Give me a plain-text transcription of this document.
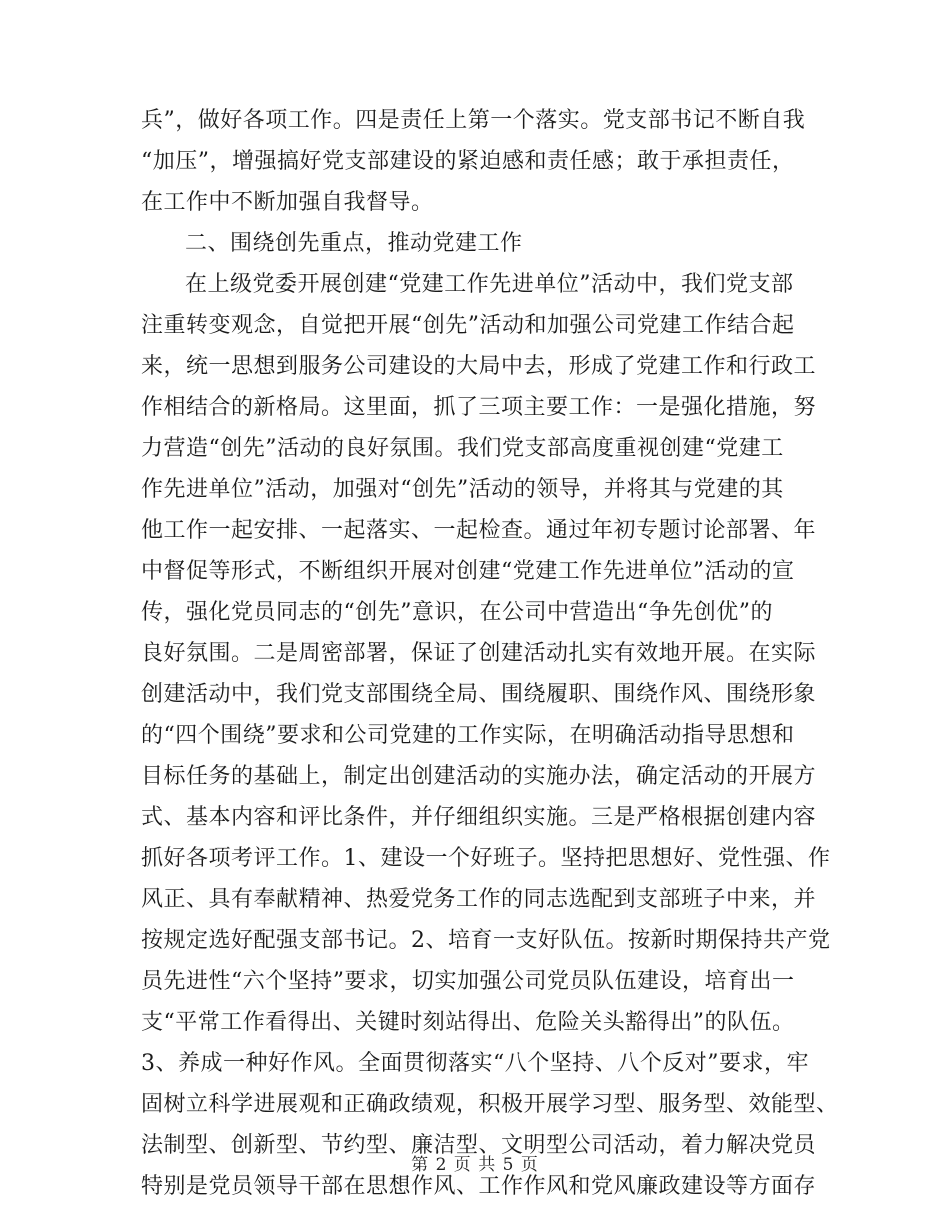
兵”，做好各项工作。四是责任上第一个落实。党支部书记不断自我
“加压”，增强搞好党支部建设的紧迫感和责任感；敢于承担责任，
在工作中不断加强自我督导。
二、围绕创先重点，推动党建工作
在上级党委开展创建“党建工作先进单位”活动中，我们党支部
注重转变观念，自觉把开展“创先”活动和加强公司党建工作结合起
来，统一思想到服务公司建设的大局中去，形成了党建工作和行政工
作相结合的新格局。这里面，抓了三项主要工作：一是强化措施，努
力营造“创先”活动的良好氛围。我们党支部高度重视创建“党建工
作先进单位”活动，加强对“创先”活动的领导，并将其与党建的其
他工作一起安排、一起落实、一起检查。通过年初专题讨论部署、年
中督促等形式，不断组织开展对创建“党建工作先进单位”活动的宣
传，强化党员同志的“创先”意识，在公司中营造出“争先创优”的
良好氛围。二是周密部署，保证了创建活动扎实有效地开展。在实际
创建活动中，我们党支部围绕全局、围绕履职、围绕作风、围绕形象
的“四个围绕”要求和公司党建的工作实际，在明确活动指导思想和
目标任务的基础上，制定出创建活动的实施办法，确定活动的开展方
式、基本内容和评比条件，并仔细组织实施。三是严格根据创建内容
抓好各项考评工作。1、建设一个好班子。坚持把思想好、党性强、作
风正、具有奉献精神、热爱党务工作的同志选配到支部班子中来，并
按规定选好配强支部书记。2、培育一支好队伍。按新时期保持共产党
员先进性“六个坚持”要求，切实加强公司党员队伍建设，培育出一
支“平常工作看得出、关键时刻站得出、危险关头豁得出”的队伍。
3、养成一种好作风。全面贯彻落实“八个坚持、八个反对”要求，牢
固树立科学进展观和正确政绩观，积极开展学习型、服务型、效能型、
法制型、创新型、节约型、廉洁型、文明型公司活动，着力解决党员
特别是党员领导干部在思想作风、工作作风和党风廉政建设等方面存
第 2 页 共 5 页
